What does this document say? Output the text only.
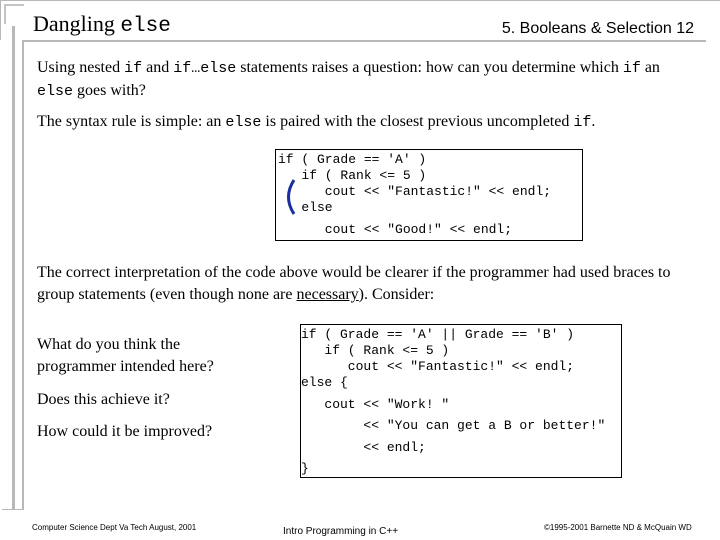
Dangling else	5. Booleans & Selection 12
Using nested if and if…else statements raises a question: how can you determine which if an else goes with?
The syntax rule is simple: an else is paired with the closest previous uncompleted if.

if ( Grade == 'A' )

if ( Rank <= 5 )

cout << "Fantastic!" << endl;

else

cout << "Good!" << endl;

The correct interpretation of the code above would be clearer if the programmer had used braces to group statements (even though none are necessary). Consider:
What do you think the programmer intended here?
Does this achieve it?
How could it be improved?

if ( Grade == 'A' || Grade == 'B' )

if ( Rank <= 5 )

cout << "Fantastic!" << endl;

else {

cout << "Work! "

<< "You can get a B or better!"

<< endl;

}

Computer Science Dept Va Tech August, 2001	Intro Programming in C++	©1995-2001 Barnette ND & McQuain WD
